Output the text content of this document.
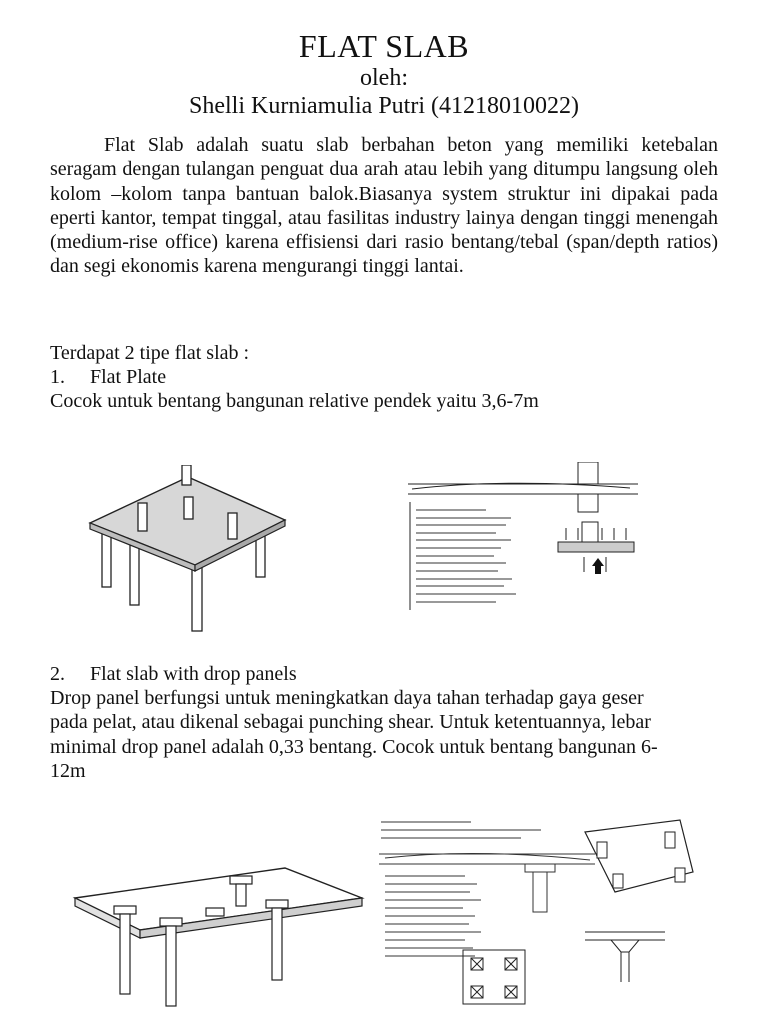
FLAT SLAB
oleh:
Shelli Kurniamulia Putri (41218010022)
Flat Slab adalah suatu slab berbahan beton yang memiliki ketebalan seragam dengan tulangan penguat dua arah atau lebih yang ditumpu langsung oleh kolom –kolom tanpa bantuan balok.Biasanya system struktur ini dipakai pada eperti kantor, tempat tinggal, atau fasilitas industry lainya dengan tinggi menengah (medium-rise office) karena effisiensi dari rasio bentang/tebal (span/depth ratios) dan segi ekonomis karena mengurangi tinggi lantai.
Terdapat 2 tipe flat slab :
1. Flat Plate
Cocok untuk bentang bangunan relative pendek yaitu 3,6-7m
2. Flat slab with drop panels
Drop panel berfungsi untuk meningkatkan daya tahan terhadap gaya geser pada pelat, atau dikenal sebagai punching shear. Untuk ketentuannya, lebar minimal drop panel adalah 0,33 bentang. Cocok untuk bentang bangunan 6-12m
